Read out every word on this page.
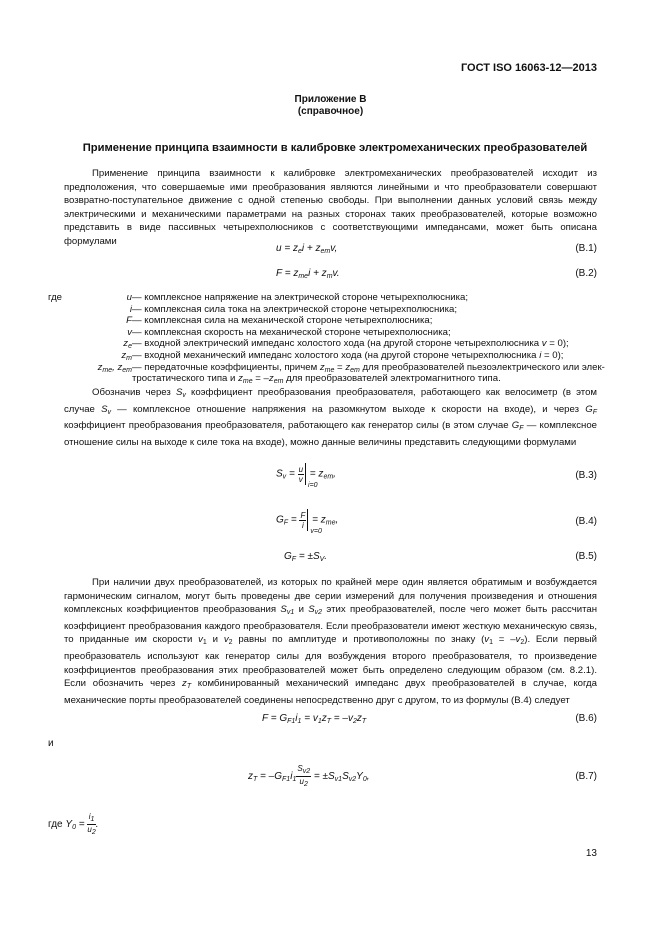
ГОСТ ISO 16063-12—2013
Приложение В
(справочное)
Применение принципа взаимности в калибровке электромеханических преобразователей
Применение принципа взаимности к калибровке электромеханических преобразователей исходит из предположения, что совершаемые ими преобразования являются линейными и что преобразователи совершают возвратно-поступательное движение с одной степенью свободы. При выполнении данных условий связь между электрическими и механическими параметрами на разных сторонах таких преобразователей, которые возможно представить в виде пассивных четырехполюсников с соответствующими импедансами, может быть описана формулами
$u = z_ei + z_{em}v$,	(В.1)
$F = z_{me}i + z_mv$.	(В.2)
где	u — комплексное напряжение на электрической стороне четырехполюсника;
i — комплексная сила тока на электрической стороне четырехполюсника;
F — комплексная сила на механической стороне четырехполюсника;
v — комплексная скорость на механической стороне четырехполюсника;
$z_e$ — входной электрический импеданс холостого хода (на другой стороне четырехполюсника v = 0);
$z_m$ — входной механический импеданс холостого хода (на другой стороне четырехполюсника i = 0);
$z_{me}$, $z_{em}$ — передаточные коэффициенты, причем $z_{me} = z_{em}$ для преобразователей пьезоэлектрического или элек-
тростатического типа и $z_{me} = -z_{em}$ для преобразователей электромагнитного типа.
Обозначив через $S_v$ коэффициент преобразования преобразователя, работающего как велосиметр (в этом случае $S_v$ — комплексное отношение напряжения на разомкнутом выходе к скорости на входе), и через $G_F$ коэффициент преобразования преобразователя, работающего как генератор силы (в этом случае $G_F$ — комплексное отношение силы на выходе к силе тока на входе), можно данные величины представить следующими формулами
$S_v = \frac{u}{v}$
i=0
= $z_{em}$,	(В.3)
$G_F = \frac{F}{i}$
v=0
= $z_{me}$,	(В.4)
$G_F = \pm S_V$.	(В.5)
При наличии двух преобразователей, из которых по крайней мере один является обратимым и возбуждается гармоническим сигналом, могут быть проведены две серии измерений для получения произведения и отношения комплексных коэффициентов преобразования $S_{v1}$ и $S_{v2}$ этих преобразователей, после чего может быть рассчитан коэффициент преобразования каждого преобразователя. Если преобразователи имеют жесткую механическую связь, то приданные им скорости $v_1$ и $v_2$ равны по амплитуде и противоположны по знаку $(v_1 = -v_2)$. Если первый преобразователь используют как генератор силы для возбуждения второго преобразователя, то произведение коэффициентов преобразования этих преобразователей может быть определено следующим образом (см. 8.2.1). Если обозначить через $z_T$ комбинированный механический импеданс двух преобразователей в случае, когда механические порты преобразователей соединены непосредственно друг с другом, то из формулы (В.4) следует
$F = G_{F1}i_1 = v_1z_T = -v_2z_T$	(В.6)
и
$z_T = -G_{F1}i_1 \frac{S_{v2}}{u_2} = \pm S_{v1}S_{v2}Y_0$,	(В.7)
где $Y_0 = \frac{i_1}{u_2}$ .
13
